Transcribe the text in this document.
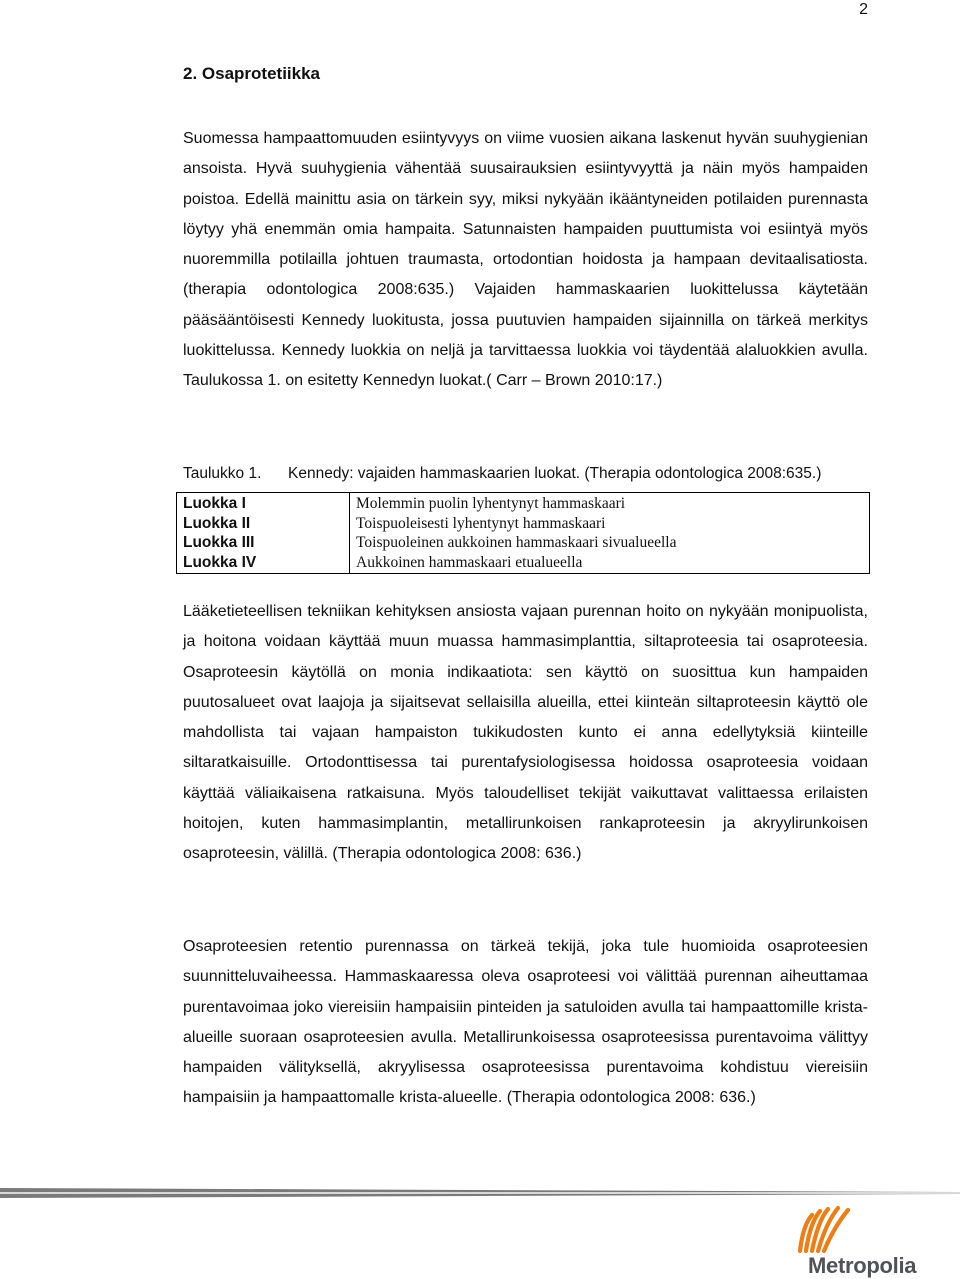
2
2. Osaprotetiikka

Suomessa hampaattomuuden esiintyvyys on viime vuosien aikana laskenut hyvän suuhygienian ansoista. Hyvä suuhygienia vähentää suusairauksien esiintyvyyttä ja näin myös hampaiden poistoa. Edellä mainittu asia on tärkein syy, miksi nykyään ikääntyneiden potilaiden purennasta löytyy yhä enemmän omia hampaita. Satunnaisten hampaiden puuttumista voi esiintyä myös nuoremmilla potilailla johtuen traumasta, ortodontian hoidosta ja hampaan devitaalisatiosta.(therapia odontologica 2008:635.) Vajaiden hammaskaarien luokittelussa käytetään pääsääntöisesti Kennedy luokitusta, jossa puutuvien hampaiden sijainnilla on tärkeä merkitys luokittelussa. Kennedy luokkia on neljä ja tarvittaessa luokkia voi täydentää alaluokkien avulla. Taulukossa 1. on esitetty Kennedyn luokat.( Carr – Brown 2010:17.)

Taulukko 1. Kennedy: vajaiden hammaskaarien luokat. (Therapia odontologica 2008:635.)
Luokka I	Molemmin puolin lyhentynyt hammaskaari
Luokka II	Toispuoleisesti lyhentynyt hammaskaari
Luokka III	Toispuoleinen aukkoinen hammaskaari sivualueella
Luokka IV	Aukkoinen hammaskaari etualueella

Lääketieteellisen tekniikan kehityksen ansiosta vajaan purennan hoito on nykyään monipuolista, ja hoitona voidaan käyttää muun muassa hammasimplanttia, siltaproteesia tai osaproteesia. Osaproteesin käytöllä on monia indikaatiota: sen käyttö on suosittua kun hampaiden puutosalueet ovat laajoja ja sijaitsevat sellaisilla alueilla, ettei kiinteän siltaproteesin käyttö ole mahdollista tai vajaan hampaiston tukikudosten kunto ei anna edellytyksiä kiinteille siltaratkaisuille. Ortodonttisessa tai purentafysiologisessa hoidossa osaproteesia voidaan käyttää väliaikaisena ratkaisuna. Myös taloudelliset tekijät vaikuttavat valittaessa erilaisten hoitojen, kuten hammasimplantin, metallirunkoisen rankaproteesin ja akryylirunkoisen osaproteesin, välillä. (Therapia odontologica 2008: 636.)

Osaproteesien retentio purennassa on tärkeä tekijä, joka tule huomioida osaproteesien suunnitteluvaiheessa. Hammaskaaressa oleva osaproteesi voi välittää purennan aiheuttamaa purentavoimaa joko viereisiin hampaisiin pinteiden ja satuloiden avulla tai hampaattomille krista-alueille suoraan osaproteesien avulla. Metallirunkoisessa osaproteesissa purentavoima välittyy hampaiden välityksellä, akryylisessa osaproteesissa purentavoima kohdistuu viereisiin hampaisiin ja hampaattomalle krista-alueelle. (Therapia odontologica 2008: 636.)

Metropolia
